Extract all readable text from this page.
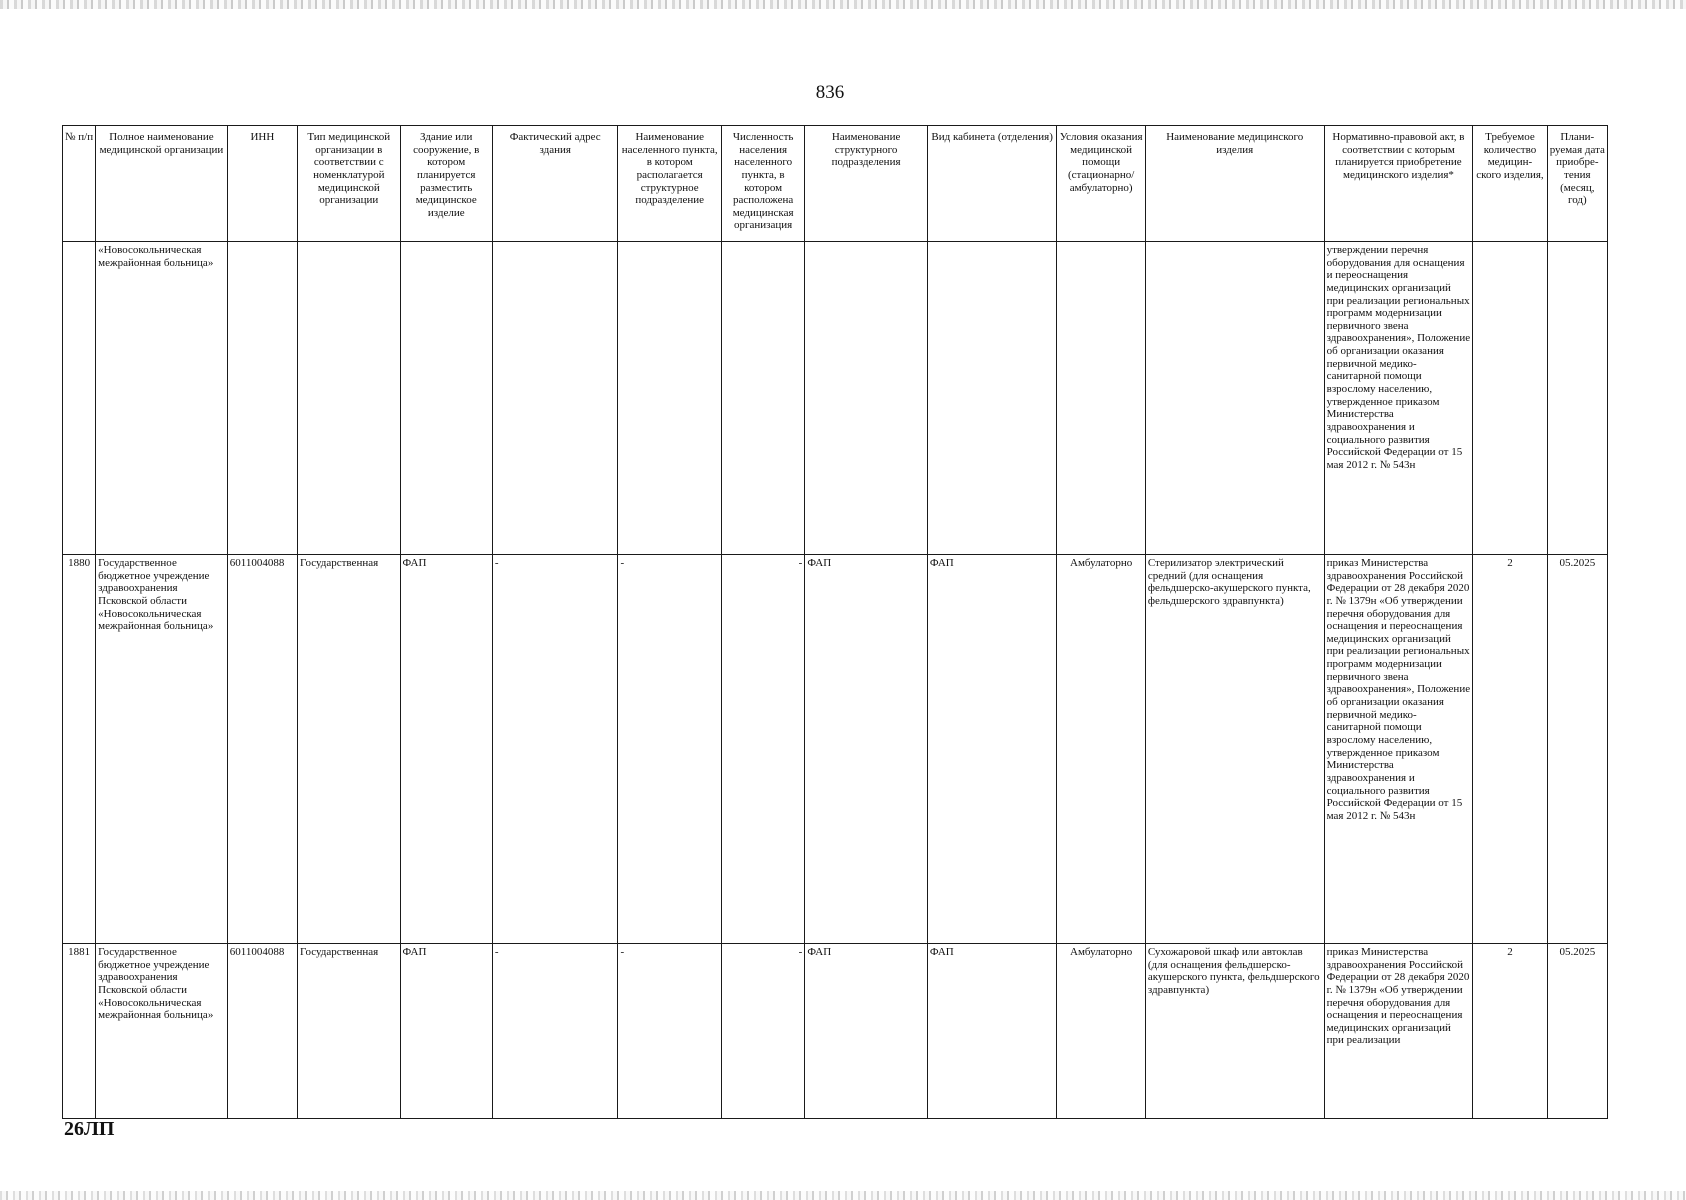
836
№ п/п	Полное наименование медицинской организации	ИНН	Тип медицинской организации в соответствии с номенклатурой медицинской организации	Здание или сооружение, в котором планируется разместить медицинское изделие	Фактический адрес здания	Наименование населенного пункта, в котором располагается структурное подразделение	Численность населения населенного пункта, в котором расположена медицинская организация	Наименование структурного подразделения	Вид кабинета (отделения)	Условия оказания медицинской помощи (стационарно/ амбулаторно)	Наименование медицинского изделия	Нормативно-правовой акт, в соответствии с которым планируется приобретение медицинского изделия*	Требуемое количество медицин-ского изделия,	Плани-руемая дата приобре-тения (месяц, год)
	«Новосокольническая межрайонная больница»											утверждении перечня оборудования для оснащения и переоснащения медицинских организаций при реализации региональных программ модернизации первичного звена здравоохранения», Положение об организации оказания первичной медико-санитарной помощи взрослому населению, утвержденное приказом Министерства здравоохранения и социального развития Российской Федерации от 15 мая 2012 г. № 543н		
1880	Государственное бюджетное учреждение здравоохранения Псковской области «Новосокольническая межрайонная больница»	6011004088	Государственная	ФАП	-	-	-	ФАП	ФАП	Амбулаторно	Стерилизатор электрический средний (для оснащения фельдшерско-акушерского пункта, фельдшерского здравпункта)	приказ Министерства здравоохранения Российской Федерации от 28 декабря 2020 г. № 1379н «Об утверждении перечня оборудования для оснащения и переоснащения медицинских организаций при реализации региональных программ модернизации первичного звена здравоохранения», Положение об организации оказания первичной медико-санитарной помощи взрослому населению, утвержденное приказом Министерства здравоохранения и социального развития Российской Федерации от 15 мая 2012 г. № 543н	2	05.2025
1881	Государственное бюджетное учреждение здравоохранения Псковской области «Новосокольническая межрайонная больница»	6011004088	Государственная	ФАП	-	-	-	ФАП	ФАП	Амбулаторно	Сухожаровой шкаф или автоклав (для оснащения фельдшерско-акушерского пункта, фельдшерского здравпункта)	приказ Министерства здравоохранения Российской Федерации от 28 декабря 2020 г. № 1379н «Об утверждении перечня оборудования для оснащения и переоснащения медицинских организаций при реализации	2	05.2025
26ЛП
